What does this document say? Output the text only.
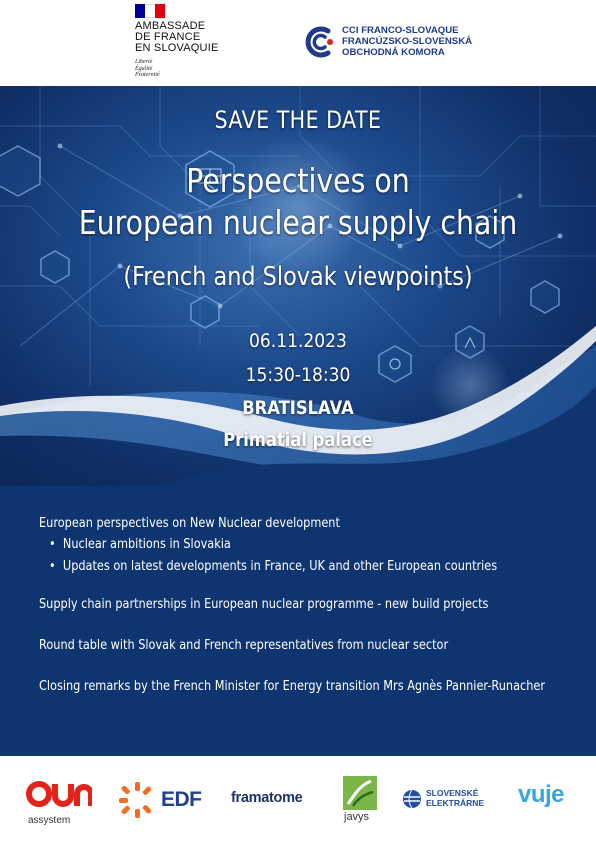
AMBASSADE
DE FRANCE
EN SLOVAQUIE
Liberté
Égalité
Fraternité
CCI FRANCO-SLOVAQUE
FRANCÚZSKO-SLOVENSKÁ
OBCHODNÁ KOMORA
SAVE THE DATE
Perspectives on
European nuclear supply chain
(French and Slovak viewpoints)
06.11.2023
15:30-18:30
BRATISLAVA
Primatial palace
European perspectives on New Nuclear development
• Nuclear ambitions in Slovakia
• Updates on latest developments in France, UK and other European countries
Supply chain partnerships in European nuclear programme - new build projects
Round table with Slovak and French representatives from nuclear sector
Closing remarks by the French Minister for Energy transition Mrs Agnès Pannier-Runacher
assystem
EDF framatome
javys
SLOVENSKÉ
ELEKTRÁRNE vuje
